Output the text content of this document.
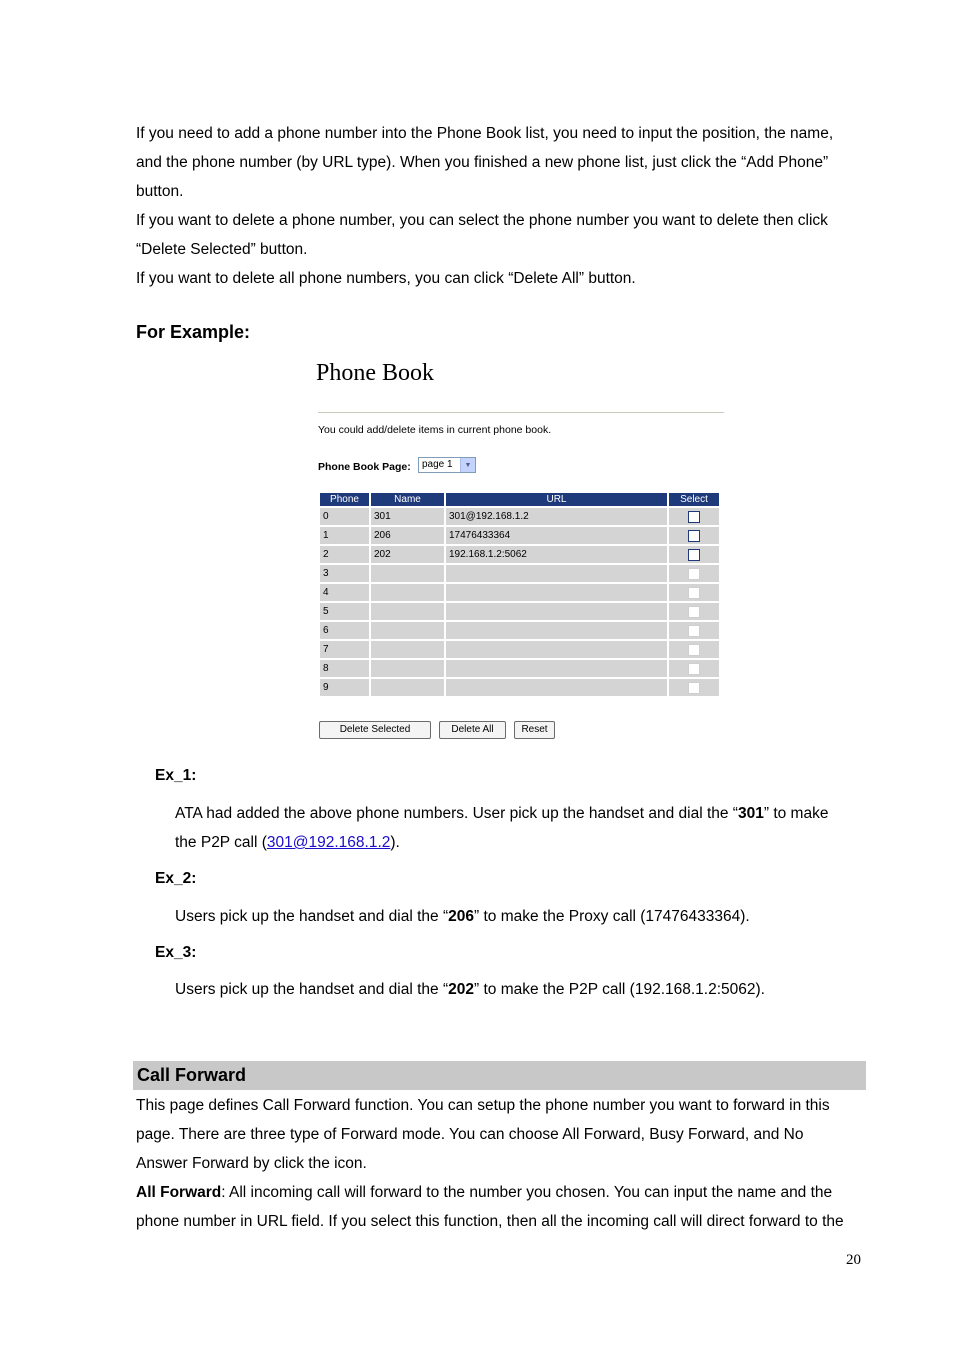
If you need to add a phone number into the Phone Book list, you need to input the position, the name,
and the phone number (by URL type). When you finished a new phone list, just click the “Add Phone”
button.
If you want to delete a phone number, you can select the phone number you want to delete then click
“Delete Selected” button.
If you want to delete all phone numbers, you can click “Delete All” button.

For Example:

Phone Book

You could add/delete items in current phone book.
Phone Book Page: page 1	▼
Phone	Name	URL	Select
0	301	301@192.168.1.2	
1	206	17476433364	
2	202	192.168.1.2:5062	
3			
4			
5			
6			
7			
8			
9			
Delete Selected	Delete All	Reset

Ex_1:

ATA had added the above phone numbers. User pick up the handset and dial the “301” to make
the P2P call (301@192.168.1.2).

Ex_2:

Users pick up the handset and dial the “206” to make the Proxy call (17476433364).

Ex_3:

Users pick up the handset and dial the “202” to make the P2P call (192.168.1.2:5062).

Call Forward

This page defines Call Forward function. You can setup the phone number you want to forward in this
page. There are three type of Forward mode. You can choose All Forward, Busy Forward, and No
Answer Forward by click the icon.
All Forward: All incoming call will forward to the number you chosen. You can input the name and the
phone number in URL field. If you select this function, then all the incoming call will direct forward to the

20
